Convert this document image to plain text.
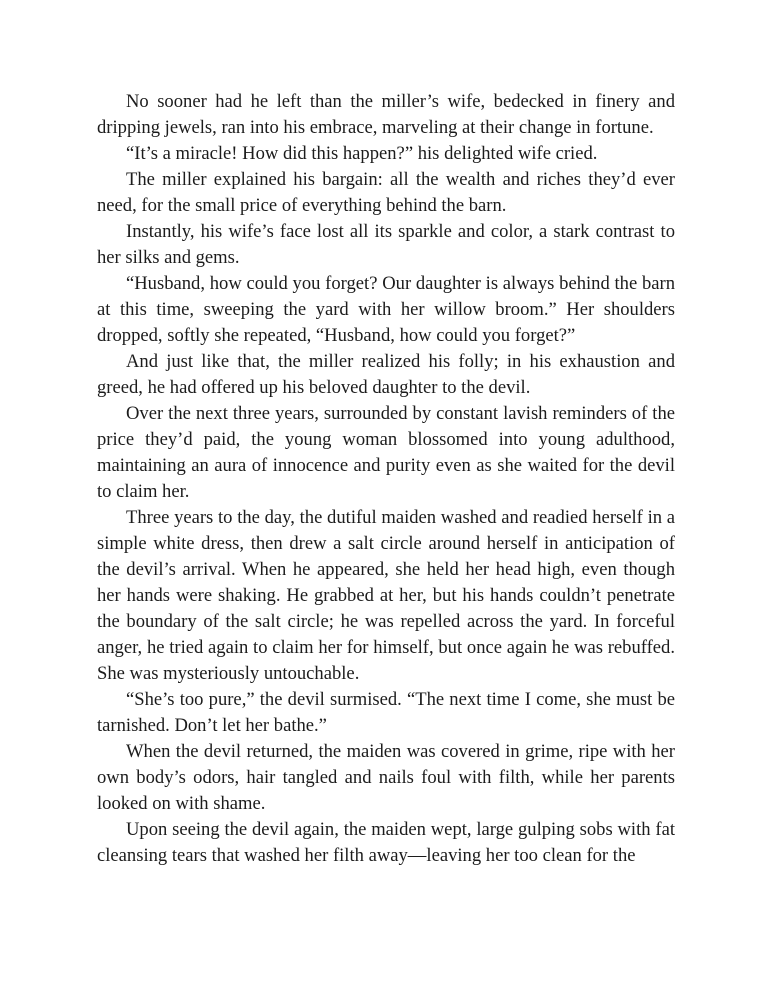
No sooner had he left than the miller’s wife, bedecked in finery and dripping jewels, ran into his embrace, marveling at their change in fortune.

“It’s a miracle! How did this happen?” his delighted wife cried.

The miller explained his bargain: all the wealth and riches they’d ever need, for the small price of everything behind the barn.

Instantly, his wife’s face lost all its sparkle and color, a stark contrast to her silks and gems.

“Husband, how could you forget? Our daughter is always behind the barn at this time, sweeping the yard with her willow broom.” Her shoulders dropped, softly she repeated, “Husband, how could you forget?”

And just like that, the miller realized his folly; in his exhaustion and greed, he had offered up his beloved daughter to the devil.

Over the next three years, surrounded by constant lavish reminders of the price they’d paid, the young woman blossomed into young adulthood, maintaining an aura of innocence and purity even as she waited for the devil to claim her.

Three years to the day, the dutiful maiden washed and readied herself in a simple white dress, then drew a salt circle around herself in anticipation of the devil’s arrival. When he appeared, she held her head high, even though her hands were shaking. He grabbed at her, but his hands couldn’t penetrate the boundary of the salt circle; he was repelled across the yard. In forceful anger, he tried again to claim her for himself, but once again he was rebuffed. She was mysteriously untouchable.

“She’s too pure,” the devil surmised. “The next time I come, she must be tarnished. Don’t let her bathe.”

When the devil returned, the maiden was covered in grime, ripe with her own body’s odors, hair tangled and nails foul with filth, while her parents looked on with shame.

Upon seeing the devil again, the maiden wept, large gulping sobs with fat cleansing tears that washed her filth away—leaving her too clean for the
